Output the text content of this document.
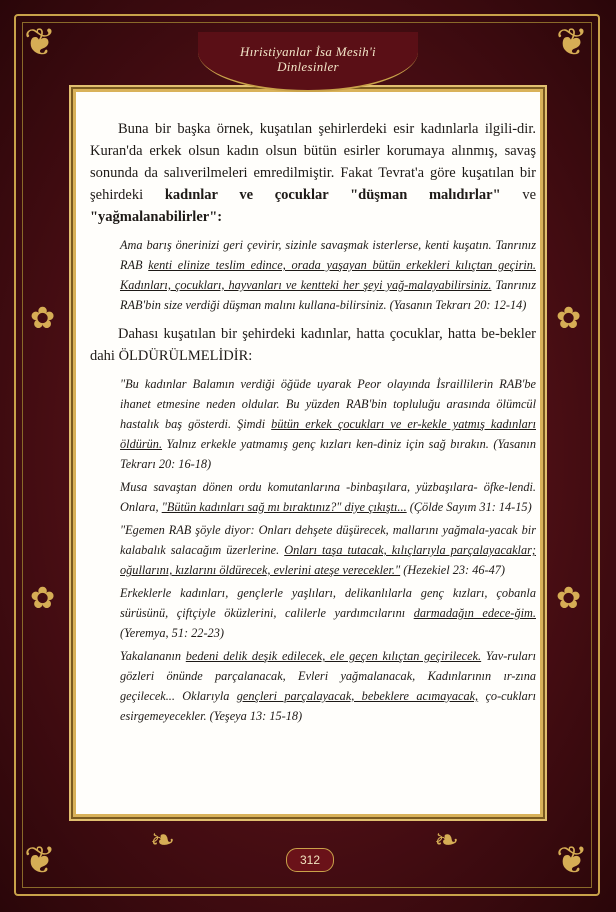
❦	❦
❦	❦
✿	✿
✿	✿
❧	❧
Hıristiyanlar İsa Mesih'i
Dinlesinler

Buna bir başka örnek, kuşatılan şehirlerdeki esir kadınlarla ilgili-dir. Kuran'da erkek olsun kadın olsun bütün esirler korumaya alınmış, savaş sonunda da salıverilmeleri emredilmiştir. Fakat Tevrat'a göre kuşatılan bir şehirdeki kadınlar ve çocuklar "düşman malıdırlar" ve "yağmalanabilirler":

Ama barış önerinizi geri çevirir, sizinle savaşmak isterlerse, kenti kuşatın. Tanrınız RAB kenti elinize teslim edince, orada yaşayan bütün erkekleri kılıçtan geçirin. Kadınları, çocukları, hayvanları ve kentteki her şeyi yağ-malayabilirsiniz. Tanrınız RAB'bin size verdiği düşman malını kullana-bilirsiniz. (Yasanın Tekrarı 20: 12-14)

Dahası kuşatılan bir şehirdeki kadınlar, hatta çocuklar, hatta be-bekler dahi ÖLDÜRÜLMELİDİR:

"Bu kadınlar Balamın verdiği öğüde uyarak Peor olayında İsraillilerin RAB'be ihanet etmesine neden oldular. Bu yüzden RAB'bin topluluğu arasında ölümcül hastalık baş gösterdi. Şimdi bütün erkek çocukları ve er-kekle yatmış kadınları öldürün. Yalnız erkekle yatmamış genç kızları ken-diniz için sağ bırakın. (Yasanın Tekrarı 20: 16-18)

Musa savaştan dönen ordu komutanlarına -binbaşılara, yüzbaşılara- öfke-lendi. Onlara, "Bütün kadınları sağ mı bıraktınız?" diye çıkıştı... (Çölde Sayım 31: 14-15)

"Egemen RAB şöyle diyor: Onları dehşete düşürecek, mallarını yağmala-yacak bir kalabalık salacağım üzerlerine. Onları taşa tutacak, kılıçlarıyla parçalayacaklar; oğullarını, kızlarını öldürecek, evlerini ateşe verecekler." (Hezekiel 23: 46-47)

Erkeklerle kadınları, gençlerle yaşlıları, delikanlılarla genç kızları, çobanla sürüsünü, çiftçiyle öküzlerini, calilerle yardımcılarını darmadağın edece-ğim. (Yeremya, 51: 22-23)

Yakalananın bedeni delik deşik edilecek, ele geçen kılıçtan geçirilecek. Yav-ruları gözleri önünde parçalanacak, Evleri yağmalanacak, Kadınlarının ır-zına geçilecek... Oklarıyla gençleri parçalayacak, bebeklere acımayacak, ço-cukları esirgemeyecekler. (Yeşeya 13: 15-18)

312
